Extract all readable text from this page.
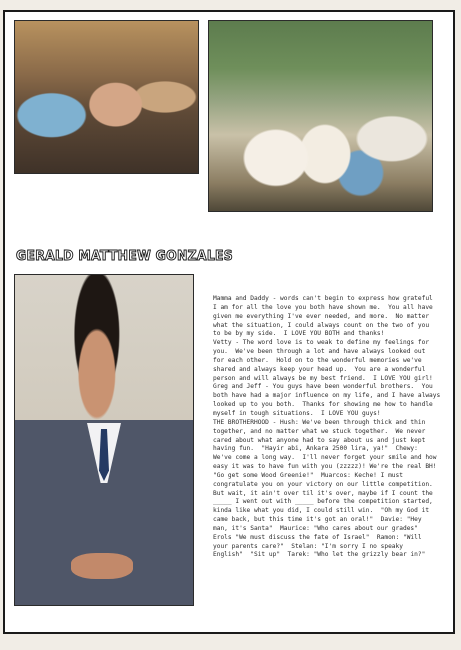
GERALD MATTHEW GONZALES
Mamma and Daddy - words can't begin to express how grateful
I am for all the love you both have shown me.  You all have
given me everything I've ever needed, and more.  No matter
what the situation, I could always count on the two of you
to be by my side.  I LOVE YOU BOTH and thanks!
Vetty - The word love is to weak to define my feelings for
you.  We've been through a lot and have always looked out
for each other.  Hold on to the wonderful memories we've
shared and always keep your head up.  You are a wonderful
person and will always be my best friend.  I LOVE YOU girl!
Greg and Jeff - You guys have been wonderful brothers.  You
both have had a major influence on my life, and I have always
looked up to you both.  Thanks for showing me how to handle
myself in tough situations.  I LOVE YOU guys!
THE BROTHERHOOD - Hush: We've been through thick and thin
together, and no matter what we stuck together.  We never
cared about what anyone had to say about us and just kept
having fun.  "Hayir abi, Ankara 2500 lira, ya!"  Chewy:
We've come a long way.  I'll never forget your smile and how
easy it was to have fun with you (zzzzz)! We're the real BH!
"Go get some Wood Greenie!"  Muarcos: Keche! I must
congratulate you on your victory on our little competition.
But wait, it ain't over til it's over, maybe if I count the
_____ I went out with _____ before the competition started,
kinda like what you did, I could still win.  "Oh my God it
came back, but this time it's got an oral!"  Davie: "Hey
man, it's Santa"  Maurice: "Who cares about our grades"
Erols "We must discuss the fate of Israel"  Ramon: "Will
your parents care?"  Stelan: "I'm sorry I no speaky
English"  "Sit up"  Tarek: "Who let the grizzly bear in?"
